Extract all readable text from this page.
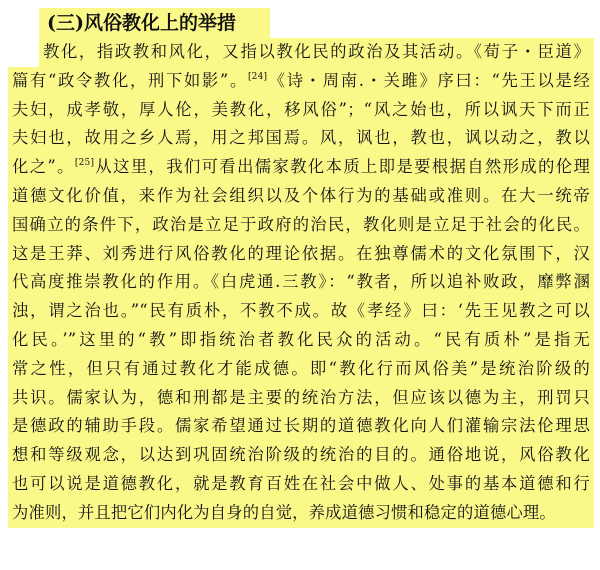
(三)风俗教化上的举措
教化，指政教和风化，又指以教化民的政治及其活动。《荀子・臣道》
篇有“政令教化，刑下如影”。[24]《诗・周南.・关雎》序曰：“先王以是经
夫妇，成孝敬，厚人伦，美教化，移风俗”；“风之始也，所以讽天下而正
夫妇也，故用之乡人焉，用之邦国焉。风，讽也，教也，讽以动之，教以
化之”。[25]从这里，我们可看出儒家教化本质上即是要根据自然形成的伦理
道德文化价值，来作为社会组织以及个体行为的基础或准则。在大一统帝
国确立的条件下，政治是立足于政府的治民，教化则是立足于社会的化民。
这是王莽、刘秀进行风俗教化的理论依据。在独尊儒术的文化氛围下，汉
代高度推崇教化的作用。《白虎通.三教》：“教者，所以追补败政，靡弊溷
浊，谓之治也。”“民有质朴，不教不成。故《孝经》曰：‘先王见教之可以
化民。’”这里的“教”即指统治者教化民众的活动。“民有质朴”是指无
常之性，但只有通过教化才能成德。即“教化行而风俗美”是统治阶级的
共识。儒家认为，德和刑都是主要的统治方法，但应该以德为主，刑罚只
是德政的辅助手段。儒家希望通过长期的道德教化向人们灌输宗法伦理思
想和等级观念，以达到巩固统治阶级的统治的目的。通俗地说，风俗教化
也可以说是道德教化，就是教育百姓在社会中做人、处事的基本道德和行
为准则，并且把它们内化为自身的自觉，养成道德习惯和稳定的道德心理。
